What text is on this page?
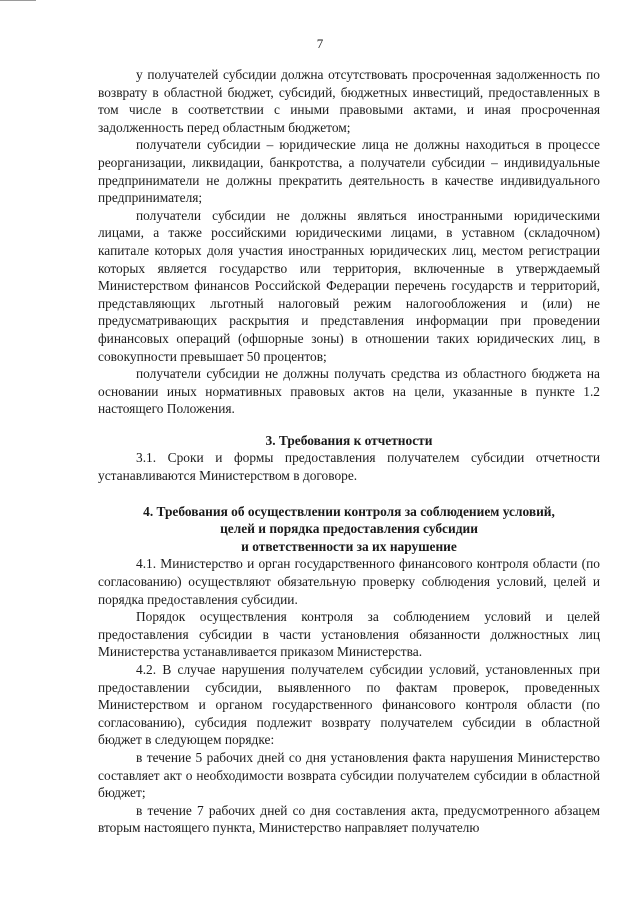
7

у получателей субсидии должна отсутствовать просроченная задолженность по возврату в областной бюджет, субсидий, бюджетных инвестиций, предоставленных в том числе в соответствии с иными правовыми актами, и иная просроченная задолженность перед областным бюджетом;

получатели субсидии – юридические лица не должны находиться в процессе реорганизации, ликвидации, банкротства, а получатели субсидии – индивидуальные предприниматели не должны прекратить деятельность в качестве индивидуального предпринимателя;

получатели субсидии не должны являться иностранными юридическими лицами, а также российскими юридическими лицами, в уставном (складочном) капитале которых доля участия иностранных юридических лиц, местом регистрации которых является государство или территория, включенные в утверждаемый Министерством финансов Российской Федерации перечень государств и территорий, представляющих льготный налоговый режим налогообложения и (или) не предусматривающих раскрытия и представления информации при проведении финансовых операций (офшорные зоны) в отношении таких юридических лиц, в совокупности превышает 50 процентов;

получатели субсидии не должны получать средства из областного бюджета на основании иных нормативных правовых актов на цели, указанные в пункте 1.2 настоящего Положения.

3. Требования к отчетности

3.1. Сроки и формы предоставления получателем субсидии отчетности устанавливаются Министерством в договоре.

4. Требования об осуществлении контроля за соблюдением условий,
целей и порядка предоставления субсидии
и ответственности за их нарушение

4.1. Министерство и орган государственного финансового контроля области (по согласованию) осуществляют обязательную проверку соблюдения условий, целей и порядка предоставления субсидии.

Порядок осуществления контроля за соблюдением условий и целей предоставления субсидии в части установления обязанности должностных лиц Министерства устанавливается приказом Министерства.

4.2. В случае нарушения получателем субсидии условий, установленных при предоставлении субсидии, выявленного по фактам проверок, проведенных Министерством и органом государственного финансового контроля области (по согласованию), субсидия подлежит возврату получателем субсидии в областной бюджет в следующем порядке:

в течение 5 рабочих дней со дня установления факта нарушения Министерство составляет акт о необходимости возврата субсидии получателем субсидии в областной бюджет;

в течение 7 рабочих дней со дня составления акта, предусмотренного абзацем вторым настоящего пункта, Министерство направляет получателю
